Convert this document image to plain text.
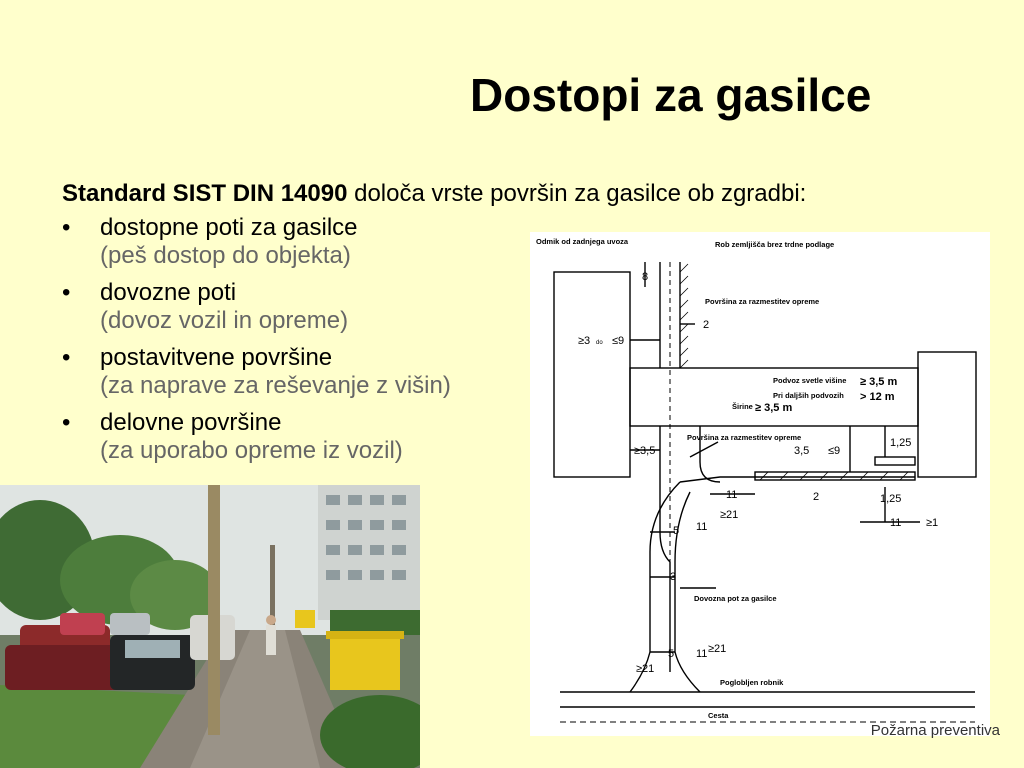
Dostopi za gasilce
Standard SIST DIN 14090 določa vrste površin za gasilce ob zgradbi:
• dostopne poti za gasilce
(peš dostop do objekta)
• dovozne poti
(dovoz vozil in opreme)
• postavitvene površine
(za naprave za reševanje z višin)
• delovne površine
(za uporabo opreme iz vozil)
Odmik od zadnjega uvoza	Rob zemljišča brez trdne podlage
Površina za razmestitev opreme
Podvoz svetle višine
Pri daljših podvozih
Širine
Površina za razmestitev opreme
Dovozna pot za gasilce
Poglobljen robnik
Cesta
≥ 3,5 m
> 12 m
≥ 3,5 m
8
2
≥3 do ≤9
≥3,5	3,5 ≤9
1,25
11	2	1,25
11 ≥1
5 11
≥21
3
5 11
≥21
≥21
Požarna preventiva
